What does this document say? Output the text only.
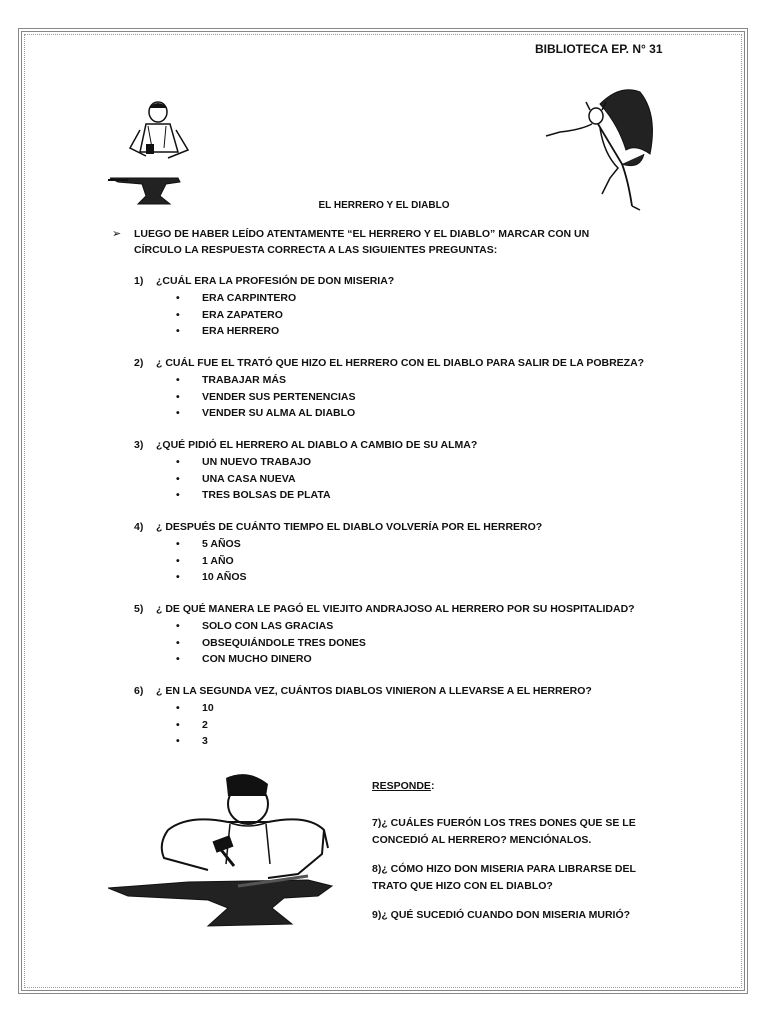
BIBLIOTECA EP. N° 31
EL HERRERO Y EL DIABLO
➢ LUEGO DE HABER LEÍDO ATENTAMENTE “EL HERRERO Y EL DIABLO” MARCAR CON UN CÍRCULO LA RESPUESTA CORRECTA A LAS SIGUIENTES PREGUNTAS:
1) ¿CUÁL ERA LA PROFESIÓN DE DON MISERIA?
•	ERA CARPINTERO
•	ERA ZAPATERO
•	ERA HERRERO
2) ¿ CUÁL FUE EL TRATÓ QUE HIZO EL HERRERO CON EL DIABLO PARA SALIR DE LA POBREZA?
•	TRABAJAR MÁS
•	VENDER SUS PERTENENCIAS
•	VENDER SU ALMA AL DIABLO
3) ¿QUÉ PIDIÓ EL HERRERO AL DIABLO A CAMBIO DE SU ALMA?
•	UN NUEVO TRABAJO
•	UNA CASA NUEVA
•	TRES BOLSAS DE PLATA
4) ¿ DESPUÉS DE CUÁNTO TIEMPO EL DIABLO VOLVERÍA POR EL HERRERO?
•	5 AÑOS
•	1 AÑO
•	10 AÑOS
5) ¿ DE QUÉ MANERA LE PAGÓ EL VIEJITO ANDRAJOSO AL HERRERO POR SU HOSPITALIDAD?
•	SOLO CON LAS GRACIAS
•	OBSEQUIÁNDOLE TRES DONES
•	CON MUCHO DINERO
6) ¿ EN LA SEGUNDA VEZ, CUÁNTOS DIABLOS VINIERON A LLEVARSE A EL HERRERO?
•	10
•	2
•	3

RESPONDE:

7)¿ CUÁLES FUERÓN LOS TRES DONES QUE SE LE CONCEDIÓ AL HERRERO? MENCIÓNALOS.

8)¿ CÓMO HIZO DON MISERIA PARA LIBRARSE DEL TRATO QUE HIZO CON EL DIABLO?

9)¿ QUÉ SUCEDIÓ CUANDO DON MISERIA MURIÓ?
